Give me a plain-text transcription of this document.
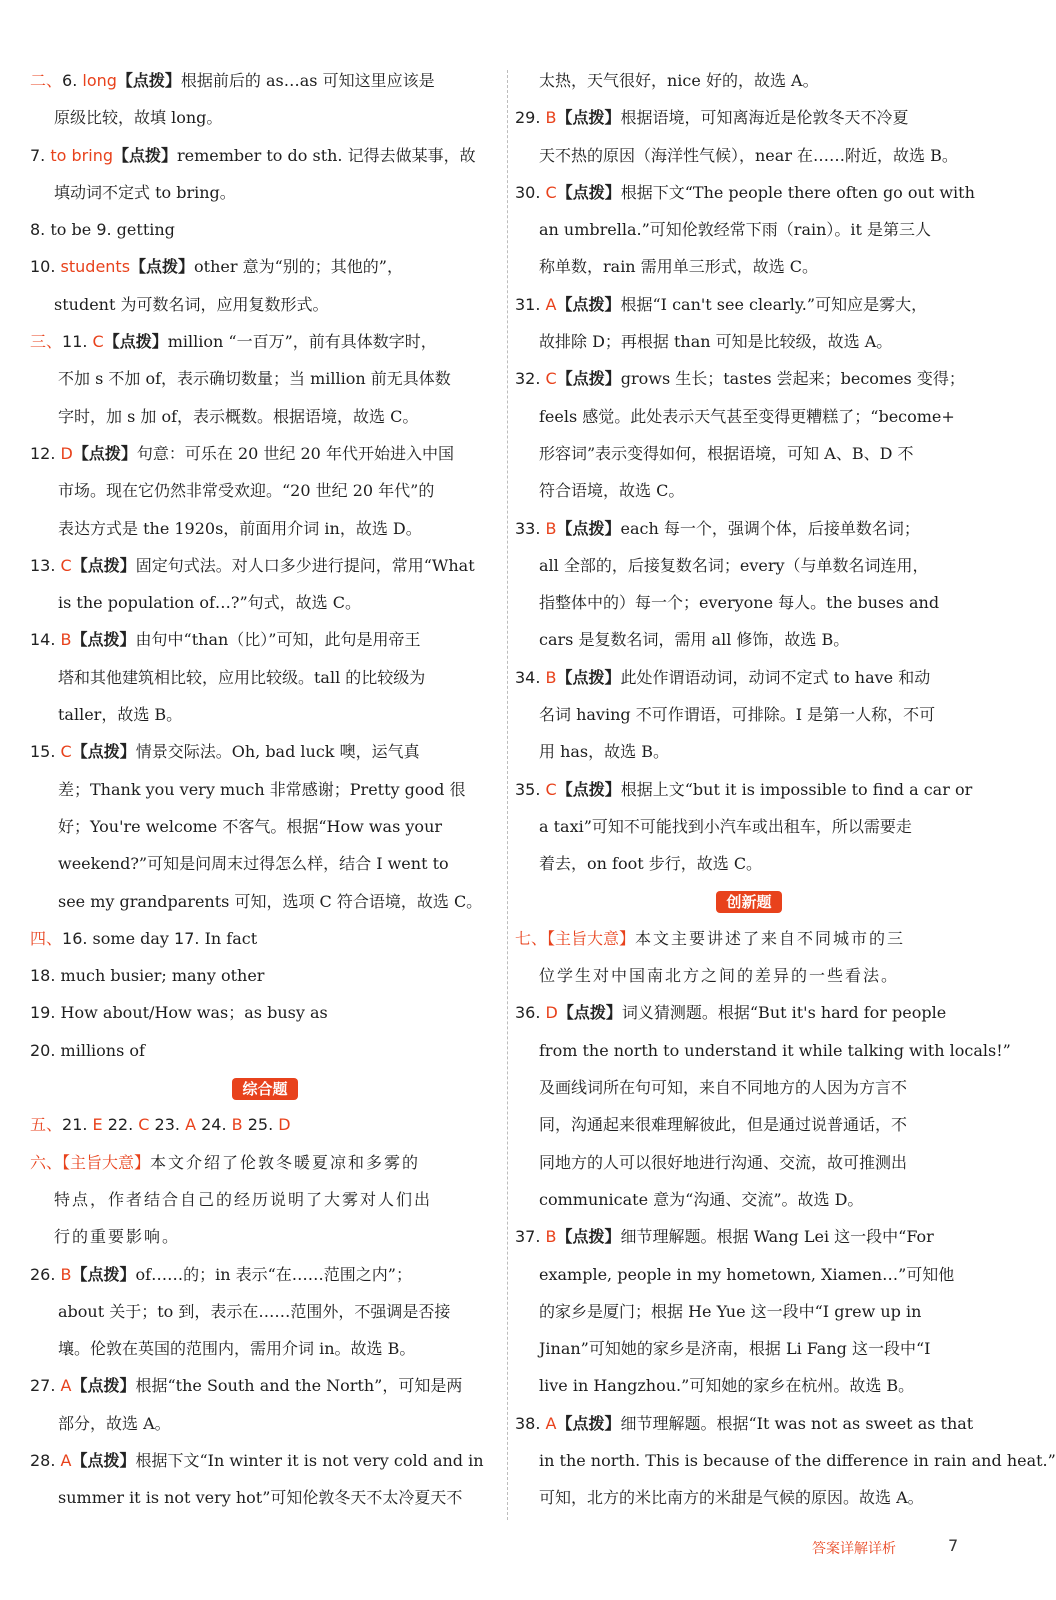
二、6. long【点拨】根据前后的 as…as 可知这里应该是
原级比较，故填 long。
7. to bring【点拨】remember to do sth. 记得去做某事，故
填动词不定式 to bring。
8. to be 9. getting
10. students【点拨】other 意为“别的；其他的”，
student 为可数名词，应用复数形式。
三、11. C【点拨】million “一百万”，前有具体数字时，
不加 s 不加 of，表示确切数量；当 million 前无具体数
字时，加 s 加 of，表示概数。根据语境，故选 C。
12. D【点拨】句意：可乐在 20 世纪 20 年代开始进入中国
市场。现在它仍然非常受欢迎。“20 世纪 20 年代”的
表达方式是 the 1920s，前面用介词 in，故选 D。
13. C【点拨】固定句式法。对人口多少进行提问，常用“What
is the population of…?”句式，故选 C。
14. B【点拨】由句中“than（比）”可知，此句是用帝王
塔和其他建筑相比较，应用比较级。tall 的比较级为
taller，故选 B。
15. C【点拨】情景交际法。Oh, bad luck 噢，运气真
差；Thank you very much 非常感谢；Pretty good 很
好；You're welcome 不客气。根据“How was your
weekend?”可知是问周末过得怎么样，结合 I went to
see my grandparents 可知，选项 C 符合语境，故选 C。
四、16. some day 17. In fact
18. much busier; many other
19. How about/How was；as busy as
20. millions of
综合题
五、21. E 22. C 23. A 24. B 25. D
六、【主旨大意】本文介绍了伦敦冬暖夏凉和多雾的
特点，作者结合自己的经历说明了大雾对人们出
行的重要影响。
26. B【点拨】of……的；in 表示“在……范围之内”；
about 关于；to 到，表示在……范围外，不强调是否接
壤。伦敦在英国的范围内，需用介词 in。故选 B。
27. A【点拨】根据“the South and the North”，可知是两
部分，故选 A。
28. A【点拨】根据下文“In winter it is not very cold and in
summer it is not very hot”可知伦敦冬天不太冷夏天不
太热，天气很好，nice 好的，故选 A。
29. B【点拨】根据语境，可知离海近是伦敦冬天不冷夏
天不热的原因（海洋性气候），near 在……附近，故选 B。
30. C【点拨】根据下文“The people there often go out with
an umbrella.”可知伦敦经常下雨（rain）。it 是第三人
称单数，rain 需用单三形式，故选 C。
31. A【点拨】根据“I can't see clearly.”可知应是雾大，
故排除 D；再根据 than 可知是比较级，故选 A。
32. C【点拨】grows 生长；tastes 尝起来；becomes 变得；
feels 感觉。此处表示天气甚至变得更糟糕了；“become+
形容词”表示变得如何，根据语境，可知 A、B、D 不
符合语境，故选 C。
33. B【点拨】each 每一个，强调个体，后接单数名词；
all 全部的，后接复数名词；every（与单数名词连用，
指整体中的）每一个；everyone 每人。the buses and
cars 是复数名词，需用 all 修饰，故选 B。
34. B【点拨】此处作谓语动词，动词不定式 to have 和动
名词 having 不可作谓语，可排除。I 是第一人称，不可
用 has，故选 B。
35. C【点拨】根据上文“but it is impossible to find a car or
a taxi”可知不可能找到小汽车或出租车，所以需要走
着去，on foot 步行，故选 C。
创新题
七、【主旨大意】本文主要讲述了来自不同城市的三
位学生对中国南北方之间的差异的一些看法。
36. D【点拨】词义猜测题。根据“But it's hard for people
from the north to understand it while talking with locals!”
及画线词所在句可知，来自不同地方的人因为方言不
同，沟通起来很难理解彼此，但是通过说普通话，不
同地方的人可以很好地进行沟通、交流，故可推测出
communicate 意为“沟通、交流”。故选 D。
37. B【点拨】细节理解题。根据 Wang Lei 这一段中“For
example, people in my hometown, Xiamen…”可知他
的家乡是厦门；根据 He Yue 这一段中“I grew up in
Jinan”可知她的家乡是济南，根据 Li Fang 这一段中“I
live in Hangzhou.”可知她的家乡在杭州。故选 B。
38. A【点拨】细节理解题。根据“It was not as sweet as that
in the north. This is because of the difference in rain and heat.”
可知，北方的米比南方的米甜是气候的原因。故选 A。
答案详解详析	7
